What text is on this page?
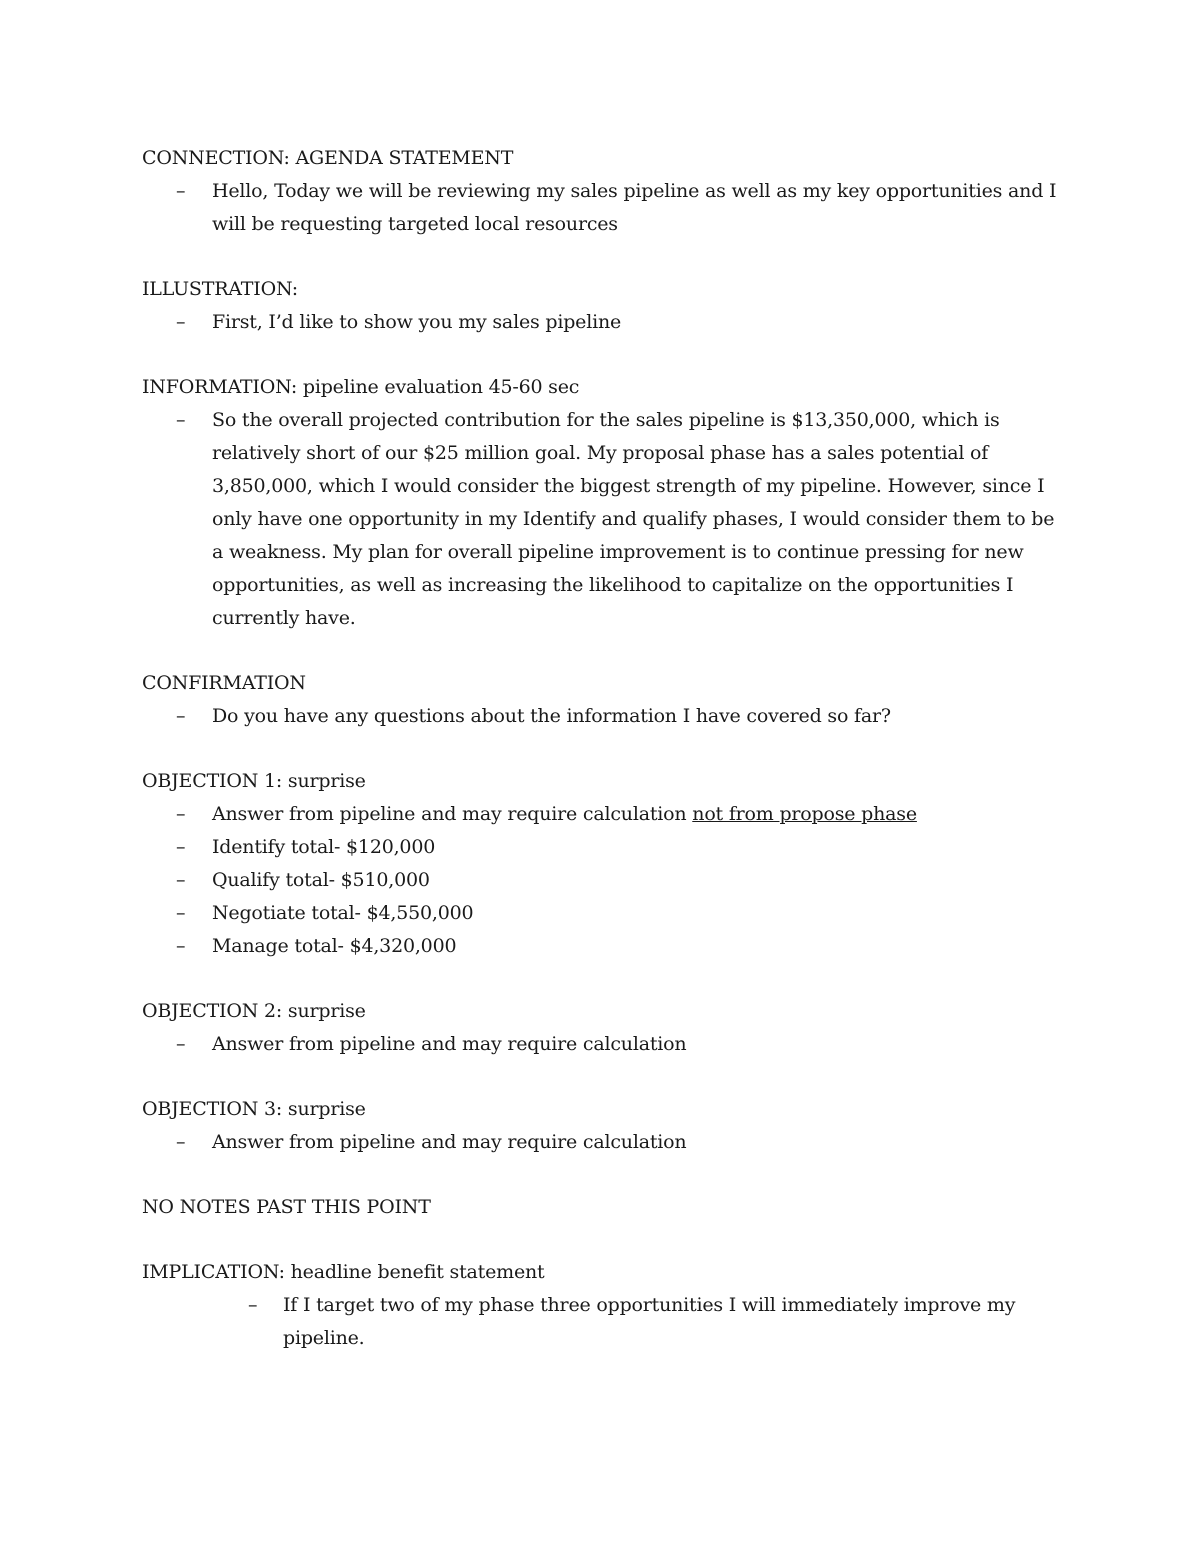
CONNECTION: AGENDA STATEMENT

– Hello, Today we will be reviewing my sales pipeline as well as my key opportunities and I will be requesting targeted local resources

ILLUSTRATION:

– First, I’d like to show you my sales pipeline

INFORMATION: pipeline evaluation 45-60 sec

– So the overall projected contribution for the sales pipeline is $13,350,000, which is relatively short of our $25 million goal. My proposal phase has a sales potential of 3,850,000, which I would consider the biggest strength of my pipeline. However, since I only have one opportunity in my Identify and qualify phases, I would consider them to be a weakness. My plan for overall pipeline improvement is to continue pressing for new opportunities, as well as increasing the likelihood to capitalize on the opportunities I currently have.

CONFIRMATION

– Do you have any questions about the information I have covered so far?

OBJECTION 1: surprise

– Answer from pipeline and may require calculation not from propose phase
– Identify total- $120,000
– Qualify total- $510,000
– Negotiate total- $4,550,000
– Manage total- $4,320,000

OBJECTION 2: surprise

– Answer from pipeline and may require calculation

OBJECTION 3: surprise

– Answer from pipeline and may require calculation

NO NOTES PAST THIS POINT

IMPLICATION: headline benefit statement

– If I target two of my phase three opportunities I will immediately improve my pipeline.
